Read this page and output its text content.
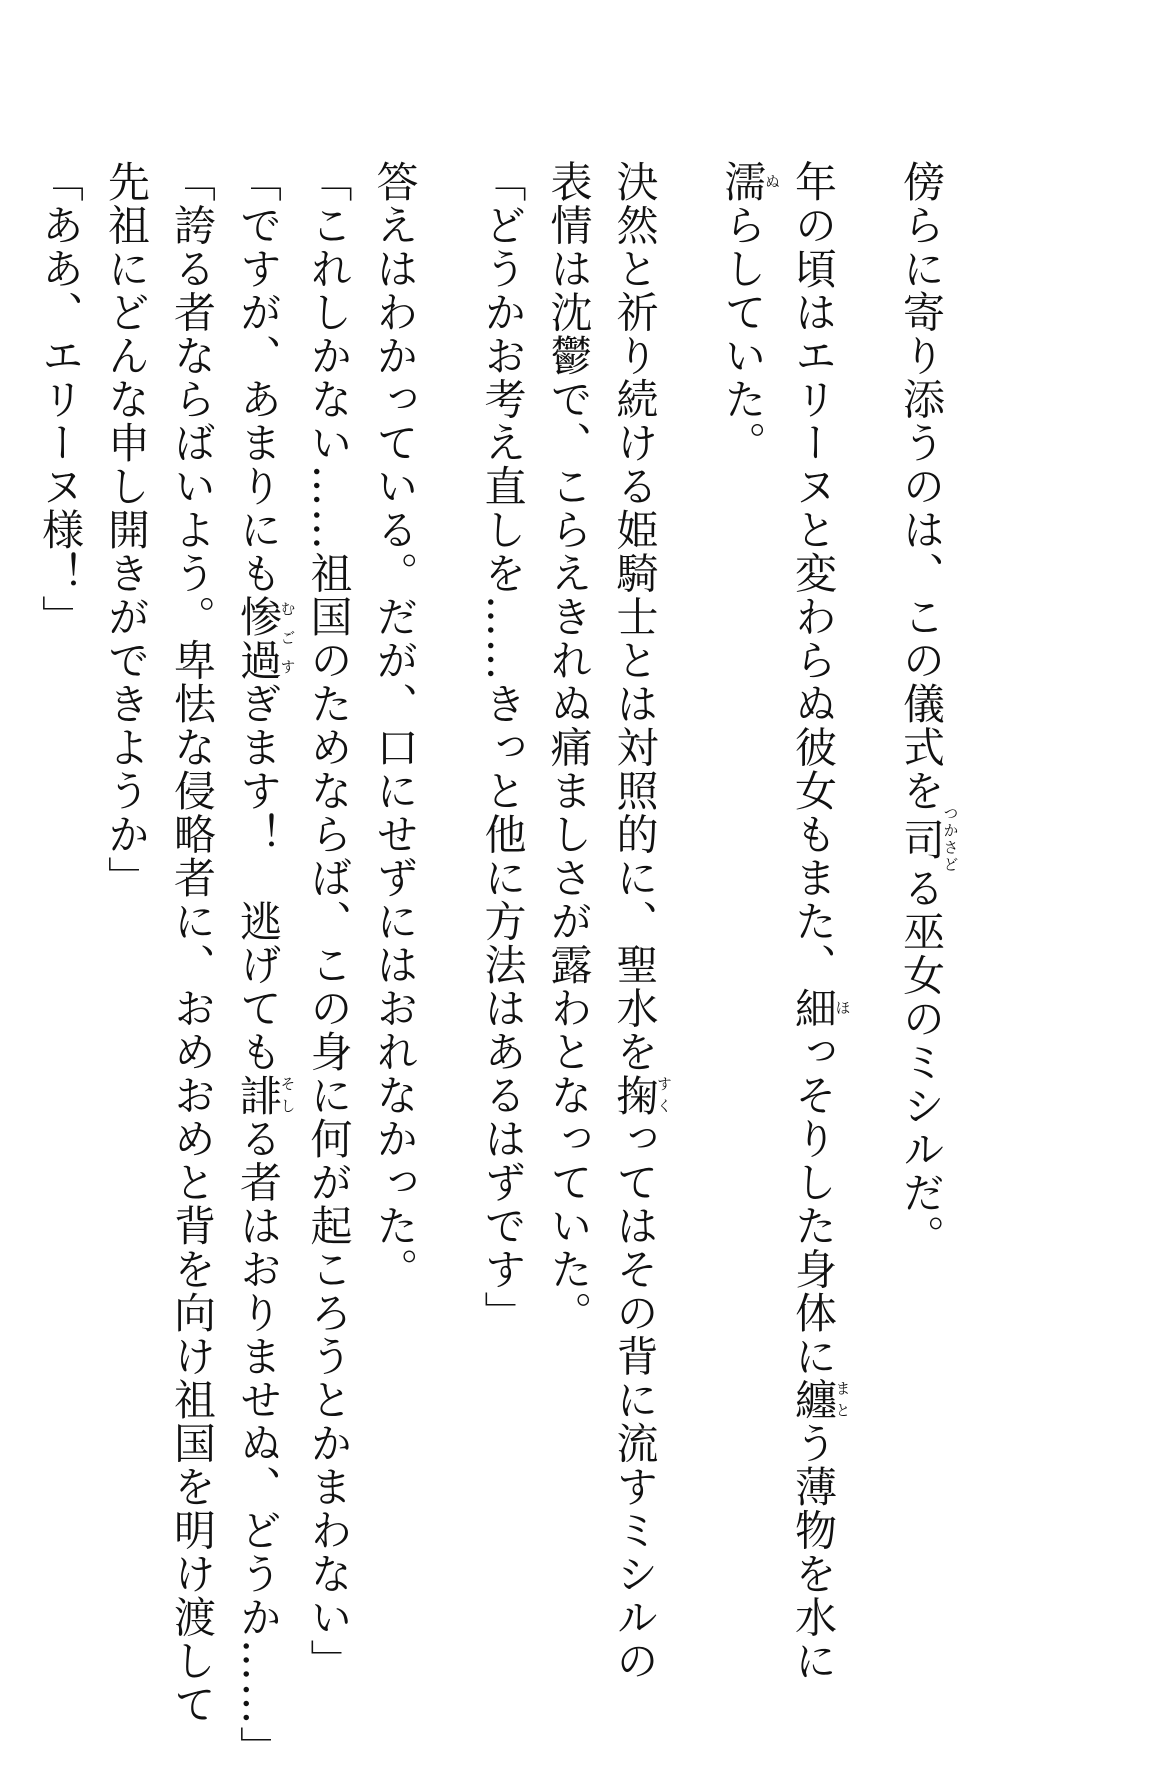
傍らに寄り添うのは、この儀式を司つかさどる巫女のミシルだ。
年の頃はエリーヌと変わらぬ彼女もまた、細ほっそりした身体に纏まとう薄物を水に
濡ぬらしていた。
決然と祈り続ける姫騎士とは対照的に、聖水を掬すくってはその背に流すミシルの
表情は沈鬱で、こらえきれぬ痛ましさが露わとなっていた。
「どうかお考え直しを……きっと他に方法はあるはずです」
答えはわかっている。だが、口にせずにはおれなかった。
「これしかない……祖国のためならば、この身に何が起ころうとかまわない」
「ですが、あまりにも惨過むごすぎます！　逃げても誹そしる者はおりませぬ、どうか……」
「誇る者ならばいよう。卑怯な侵略者に、おめおめと背を向け祖国を明け渡して
先祖にどんな申し開きができようか」
「ああ、エリーヌ様！」
